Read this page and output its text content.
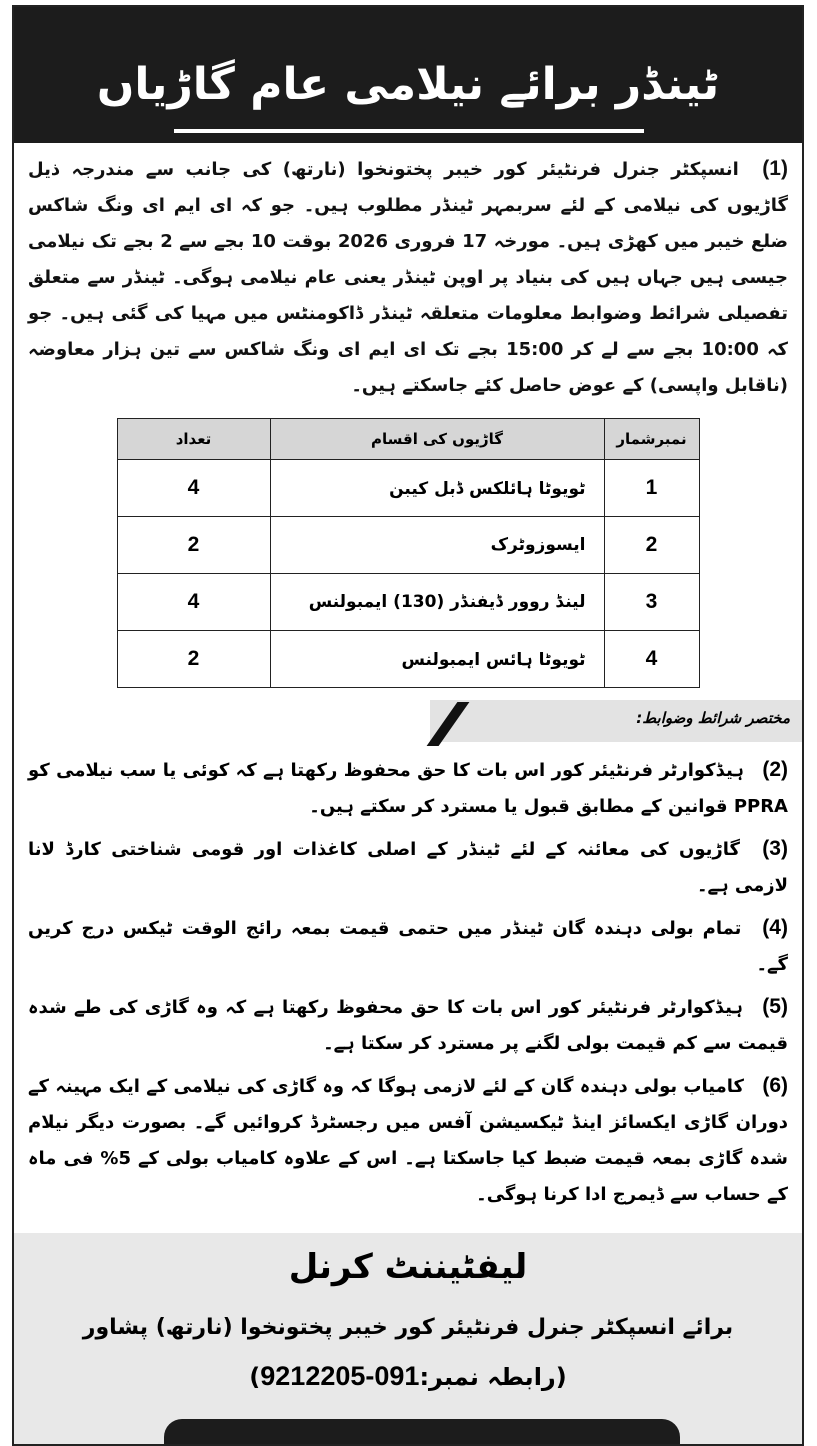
ٹینڈر برائے نیلامی عام گاڑیاں
(1) انسپکٹر جنرل فرنٹیئر کور خیبر پختونخوا (نارتھ) کی جانب سے مندرجہ ذیل گاڑیوں کی نیلامی کے لئے سربمہر ٹینڈر مطلوب ہیں۔ جو کہ ای ایم ای ونگ شاکس ضلع خیبر میں کھڑی ہیں۔ مورخہ 17 فروری 2026 بوقت 10 بجے سے 2 بجے تک نیلامی جیسی ہیں جہاں ہیں کی بنیاد پر اوپن ٹینڈر یعنی عام نیلامی ہوگی۔ ٹینڈر سے متعلق تفصیلی شرائط وضوابط معلومات متعلقہ ٹینڈر ڈاکومنٹس میں مہیا کی گئی ہیں۔ جو کہ 10:00 بجے سے لے کر 15:00 بجے تک ای ایم ای ونگ شاکس سے تین ہزار معاوضہ (ناقابل واپسی) کے عوض حاصل کئے جاسکتے ہیں۔
نمبرشمار	گاڑیوں کی اقسام	تعداد
1	ٹویوٹا ہائلکس ڈبل کیبن	4
2	ایسوزوٹرک	2
3	لینڈ روور ڈیفنڈر (130) ایمبولنس	4
4	ٹویوٹا ہائس ایمبولنس	2
مختصر شرائط وضوابط:
(2) ہیڈکوارٹر فرنٹیئر کور اس بات کا حق محفوظ رکھتا ہے کہ کوئی یا سب نیلامی کو PPRA قوانین کے مطابق قبول یا مسترد کر سکتے ہیں۔
(3) گاڑیوں کی معائنہ کے لئے ٹینڈر کے اصلی کاغذات اور قومی شناختی کارڈ لانا لازمی ہے۔
(4) تمام بولی دہندہ گان ٹینڈر میں حتمی قیمت بمعہ رائج الوقت ٹیکس درج کریں گے۔
(5) ہیڈکوارٹر فرنٹیئر کور اس بات کا حق محفوظ رکھتا ہے کہ وہ گاڑی کی طے شدہ قیمت سے کم قیمت بولی لگنے پر مسترد کر سکتا ہے۔
(6) کامیاب بولی دہندہ گان کے لئے لازمی ہوگا کہ وہ گاڑی کی نیلامی کے ایک مہینہ کے دوران گاڑی ایکسائز اینڈ ٹیکسیشن آفس میں رجسٹرڈ کروائیں گے۔ بصورت دیگر نیلام شدہ گاڑی بمعہ قیمت ضبط کیا جاسکتا ہے۔ اس کے علاوہ کامیاب بولی کے 5% فی ماہ کے حساب سے ڈیمرج ادا کرنا ہوگی۔
لیفٹیننٹ کرنل
برائے انسپکٹر جنرل فرنٹیئر کور خیبر پختونخوا (نارتھ) پشاور
(رابطہ نمبر:091-9212205)
